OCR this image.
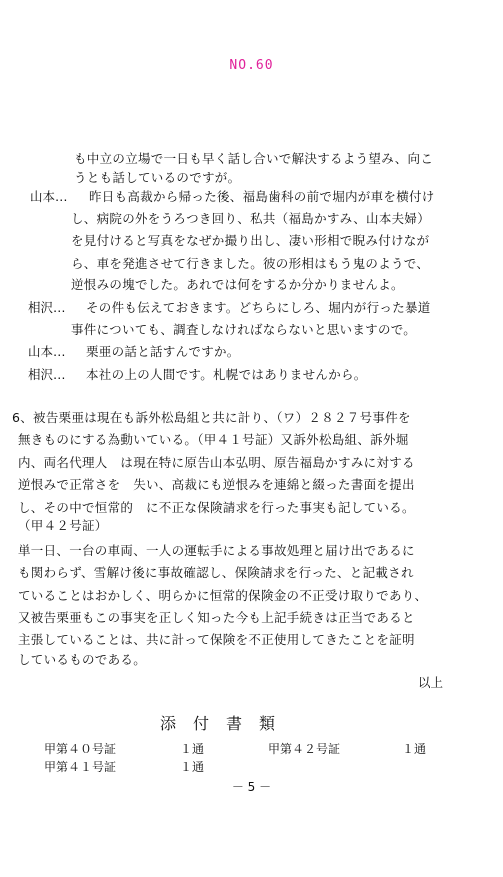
NO.60
も中立の立場で一日も早く話し合いで解決するよう望み、向こ
うとも話しているのですが。
山本… 昨日も高裁から帰った後、福島歯科の前で堀内が車を横付け
し、病院の外をうろつき回り、私共（福島かすみ、山本夫婦）
を見付けると写真をなぜか撮り出し、凄い形相で睨み付けなが
ら、車を発進させて行きました。彼の形相はもう鬼のようで、
逆恨みの塊でした。あれでは何をするか分かりませんよ。
相沢… その件も伝えておきます。どちらにしろ、堀内が行った暴道
事件についても、調査しなければならないと思いますので。
山本… 栗亜の話と話すんですか。
相沢… 本社の上の人間です。札幌ではありませんから。
6、被告栗亜は現在も訴外松島組と共に計り、（ワ）２８２７号事件を
無きものにする為動いている。（甲４１号証）又訴外松島組、訴外堀
内、両名代理人　は現在特に原告山本弘明、原告福島かすみに対する
逆恨みで正常さを　失い、高裁にも逆恨みを連綿と綴った書面を提出
し、その中で恒常的　に不正な保険請求を行った事実も記している。
（甲４２号証）
単一日、一台の車両、一人の運転手による事故処理と届け出であるに
も関わらず、雪解け後に事故確認し、保険請求を行った、と記載され
ていることはおかしく、明らかに恒常的保険金の不正受け取りであり、
又被告栗亜もこの事実を正しく知った今も上記手続きは正当であると
主張していることは、共に計って保険を不正使用してきたことを証明
しているものである。
以上
添付書類
甲第４０号証	１通	甲第４２号証	１通
甲第４１号証	１通
－ 5 －
